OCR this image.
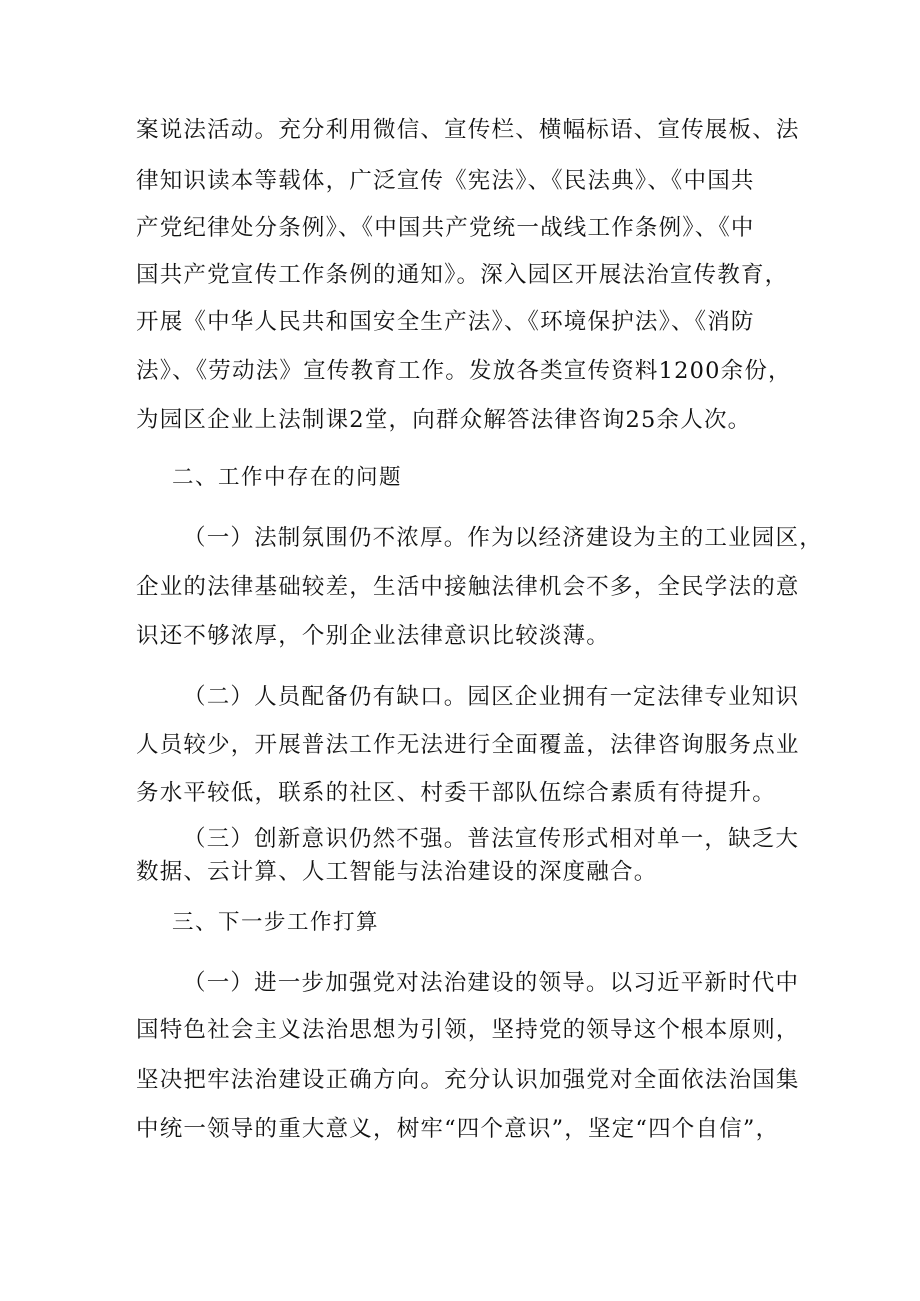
案说法活动。充分利用微信、宣传栏、横幅标语、宣传展板、法
律知识读本等载体，广泛宣传《宪法》、《民法典》、《中国共
产党纪律处分条例》、《中国共产党统一战线工作条例》、《中
国共产党宣传工作条例的通知》。深入园区开展法治宣传教育，
开展《中华人民共和国安全生产法》、《环境保护法》、《消防
法》、《劳动法》宣传教育工作。发放各类宣传资料1200余份，
为园区企业上法制课2堂，向群众解答法律咨询25余人次。
二、工作中存在的问题
（一）法制氛围仍不浓厚。作为以经济建设为主的工业园区，
企业的法律基础较差，生活中接触法律机会不多，全民学法的意
识还不够浓厚，个别企业法律意识比较淡薄。
（二）人员配备仍有缺口。园区企业拥有一定法律专业知识
人员较少，开展普法工作无法进行全面覆盖，法律咨询服务点业
务水平较低，联系的社区、村委干部队伍综合素质有待提升。
（三）创新意识仍然不强。普法宣传形式相对单一，缺乏大
数据、云计算、人工智能与法治建设的深度融合。
三、下一步工作打算
（一）进一步加强党对法治建设的领导。以习近平新时代中
国特色社会主义法治思想为引领，坚持党的领导这个根本原则，
坚决把牢法治建设正确方向。充分认识加强党对全面依法治国集
中统一领导的重大意义，树牢“四个意识”，坚定“四个自信”，
